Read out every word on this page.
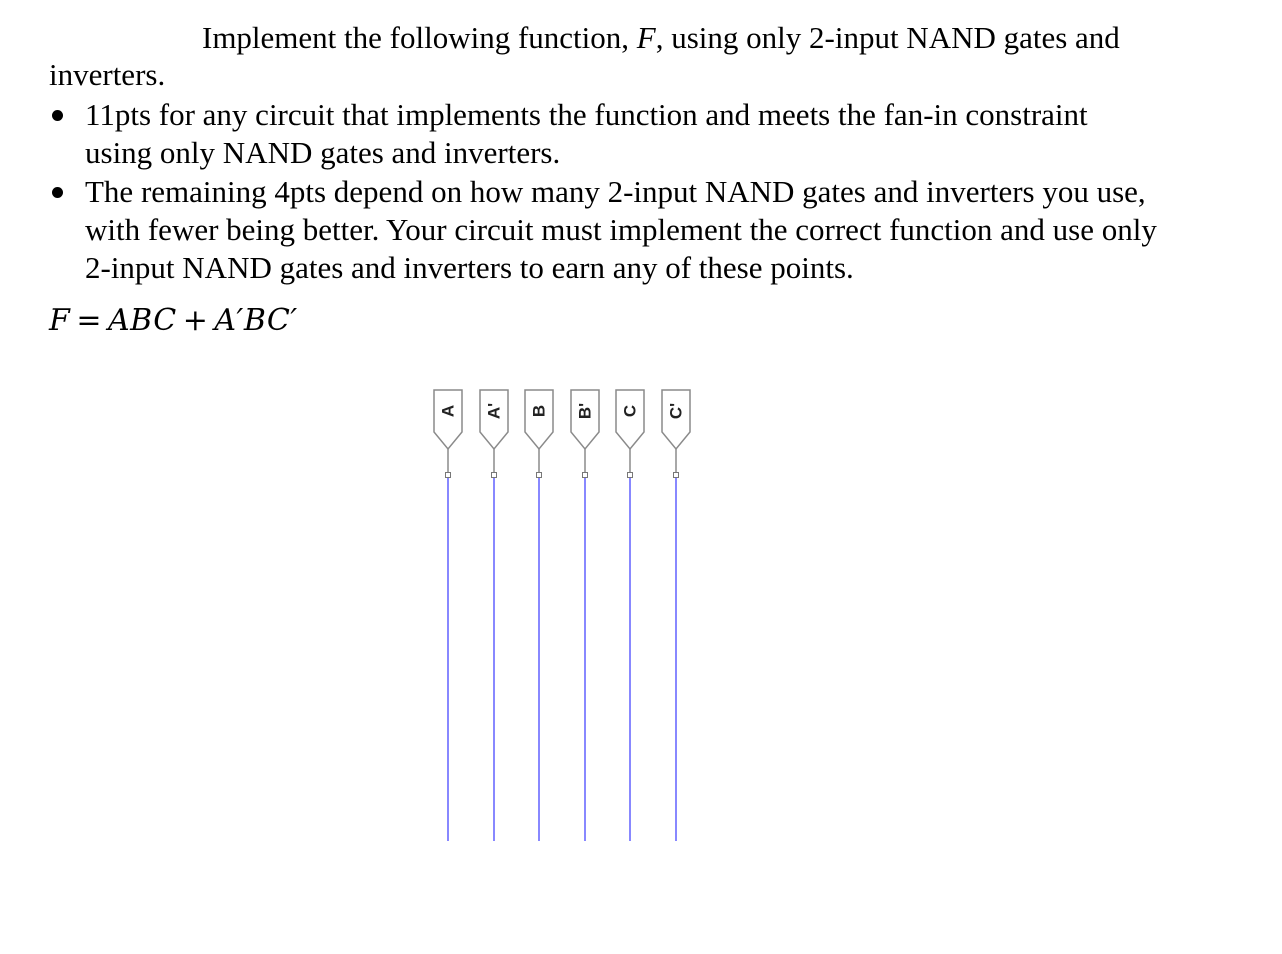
Implement the following function, F, using only 2-input NAND gates and
inverters.
11pts for any circuit that implements the function and meets the fan-in constraint
using only NAND gates and inverters.
The remaining 4pts depend on how many 2-input NAND gates and inverters you use,
with fewer being better. Your circuit must implement the correct function and use only
2-input NAND gates and inverters to earn any of these points.
F = ABC + A′BC′
A A' B B' C C'
